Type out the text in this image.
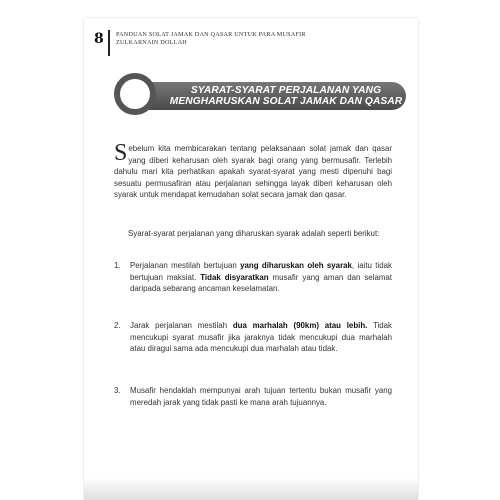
8 PANDUAN SOLAT JAMAK DAN QASAR UNTUK PARA MUSAFIR
ZULKARNAIN DOLLAH
SYARAT-SYARAT PERJALANAN YANG
MENGHARUSKAN SOLAT JAMAK DAN QASAR
Sebelum kita membicarakan tentang pelaksanaan solat jamak dan qasar yang diberi keharusan oleh syarak bagi orang yang bermusafir. Terlebih dahulu mari kita perhatikan apakah syarat-syarat yang mesti dipenuhi bagi sesuatu permusafiran atau perjalanan sehingga layak diberi keharusan oleh syarak untuk mendapat kemudahan solat secara jamak dan qasar.
Syarat-syarat perjalanan yang diharuskan syarak adalah seperti berikut:
1. Perjalanan mestilah bertujuan yang diharuskan oleh syarak, iaitu tidak bertujuan maksiat. Tidak disyaratkan musafir yang aman dan selamat daripada sebarang ancaman keselamatan.
2. Jarak perjalanan mestilah dua marhalah (90km) atau lebih. Tidak mencukupi syarat musafir jika jaraknya tidak mencukupi dua marhalah atau diragui sama ada mencukupi dua marhalah atau tidak.
3. Musafir hendaklah mempunyai arah tujuan tertentu bukan musafir yang meredah jarak yang tidak pasti ke mana arah tujuannya.
